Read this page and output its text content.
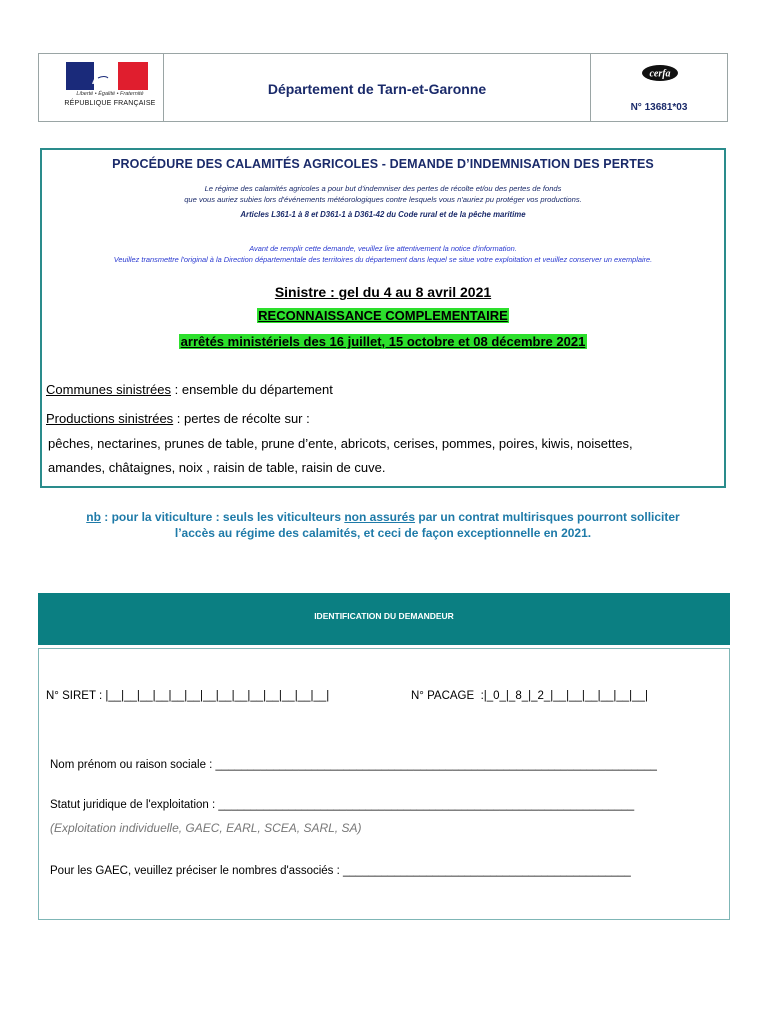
Liberté • Égalité • Fraternité
RÉPUBLIQUE FRANÇAISE
Département de Tarn-et-Garonne
cerfa
N° 13681*03
PROCÉDURE DES CALAMITÉS AGRICOLES - DEMANDE D’INDEMNISATION DES PERTES
Le régime des calamités agricoles a pour but d'indemniser des pertes de récolte et/ou des pertes de fonds
que vous auriez subies lors d'événements météorologiques contre lesquels vous n'auriez pu protéger vos productions.
Articles L361-1 à 8 et D361-1 à D361-42 du Code rural et de la pêche maritime
Avant de remplir cette demande, veuillez lire attentivement la notice d'information.
Veuillez transmettre l'original à la Direction départementale des territoires du département dans lequel se situe votre exploitation et veuillez conserver un exemplaire.
Sinistre : gel du 4 au 8 avril 2021
RECONNAISSANCE COMPLEMENTAIRE
arrêtés ministériels des 16 juillet, 15 octobre et 08 décembre 2021
Communes sinistrées : ensemble du département
Productions sinistrées : pertes de récolte sur :
pêches, nectarines, prunes de table, prune d’ente, abricots, cerises, pommes, poires, kiwis, noisettes,
amandes, châtaignes, noix , raisin de table, raisin de cuve.
nb : pour la viticulture : seuls les viticulteurs non assurés par un contrat multirisques pourront solliciter
l’accès au régime des calamités, et ceci de façon exceptionnelle en 2021.
IDENTIFICATION DU DEMANDEUR
N° SIRET : |__|__|__|__|__|__|__|__|__|__|__|__|__|__|	N° PACAGE  :|_0_|_8_|_2_|__|__|__|__|__|__|
Nom prénom ou raison sociale : _____________________________________________________________________
Statut juridique de l'exploitation : _________________________________________________________________
(Exploitation individuelle, GAEC, EARL, SCEA, SARL, SA)
Pour les GAEC, veuillez préciser le nombres d'associés : _____________________________________________
